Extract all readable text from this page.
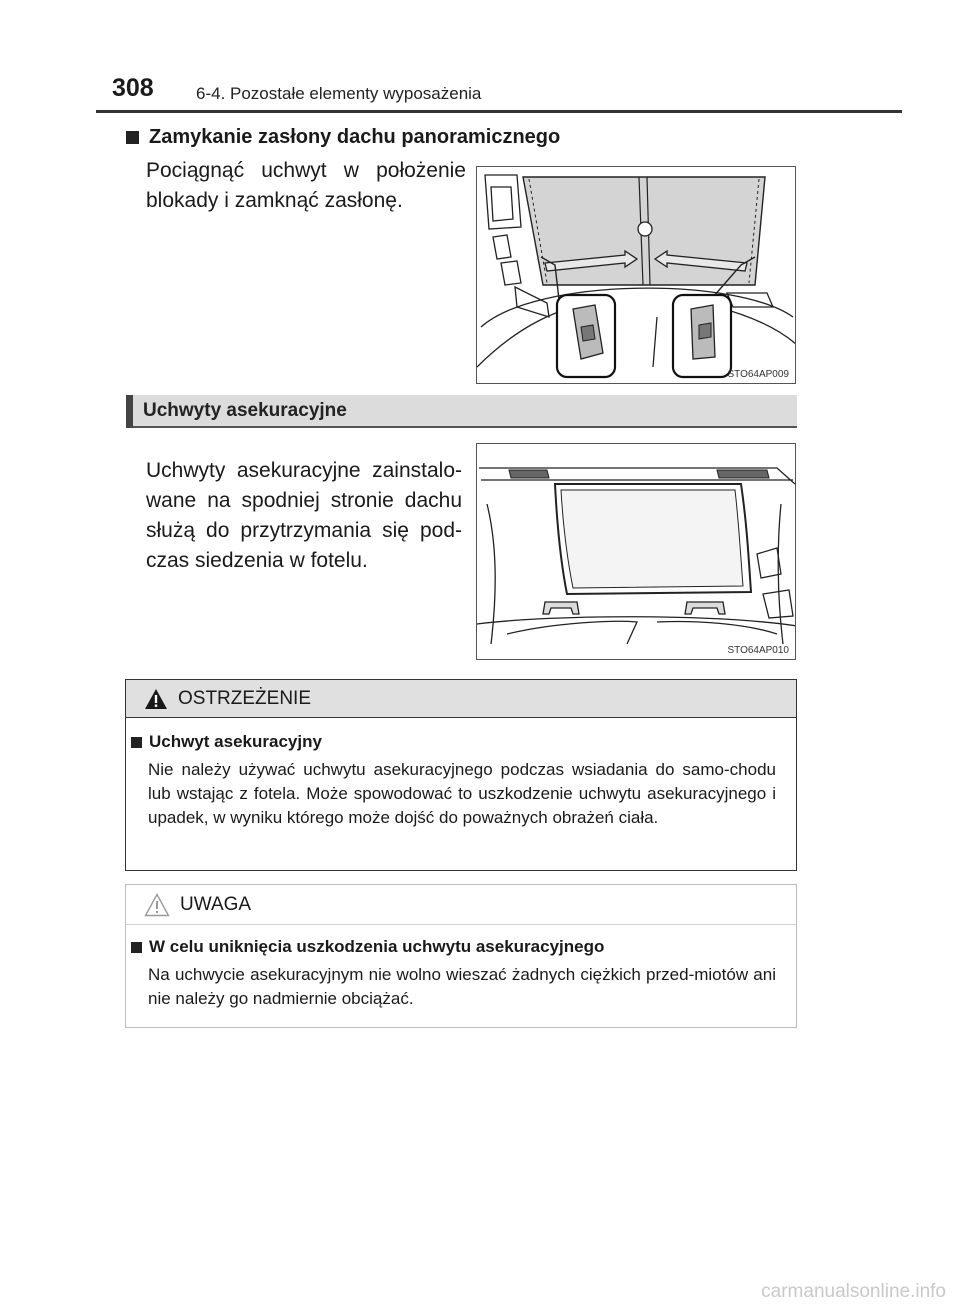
308 6-4. Pozostałe elementy wyposażenia
Zamykanie zasłony dachu panoramicznego

Pociągnąć uchwyt w położenie blokady i zamknąć zasłonę.

STO64AP009
Uchwyty asekuracyjne

Uchwyty asekuracyjne zainstalo-wane na spodniej stronie dachu służą do przytrzymania się pod-czas siedzenia w fotelu.

STO64AP010
OSTRZEŻENIE
Uchwyt asekuracyjny

Nie należy używać uchwytu asekuracyjnego podczas wsiadania do samo-chodu lub wstając z fotela. Może spowodować to uszkodzenie uchwytu asekuracyjnego i upadek, w wyniku którego może dojść do poważnych obrażeń ciała.

UWAGA
W celu uniknięcia uszkodzenia uchwytu asekuracyjnego

Na uchwycie asekuracyjnym nie wolno wieszać żadnych ciężkich przed-miotów ani nie należy go nadmiernie obciążać.

carmanualsonline.info
